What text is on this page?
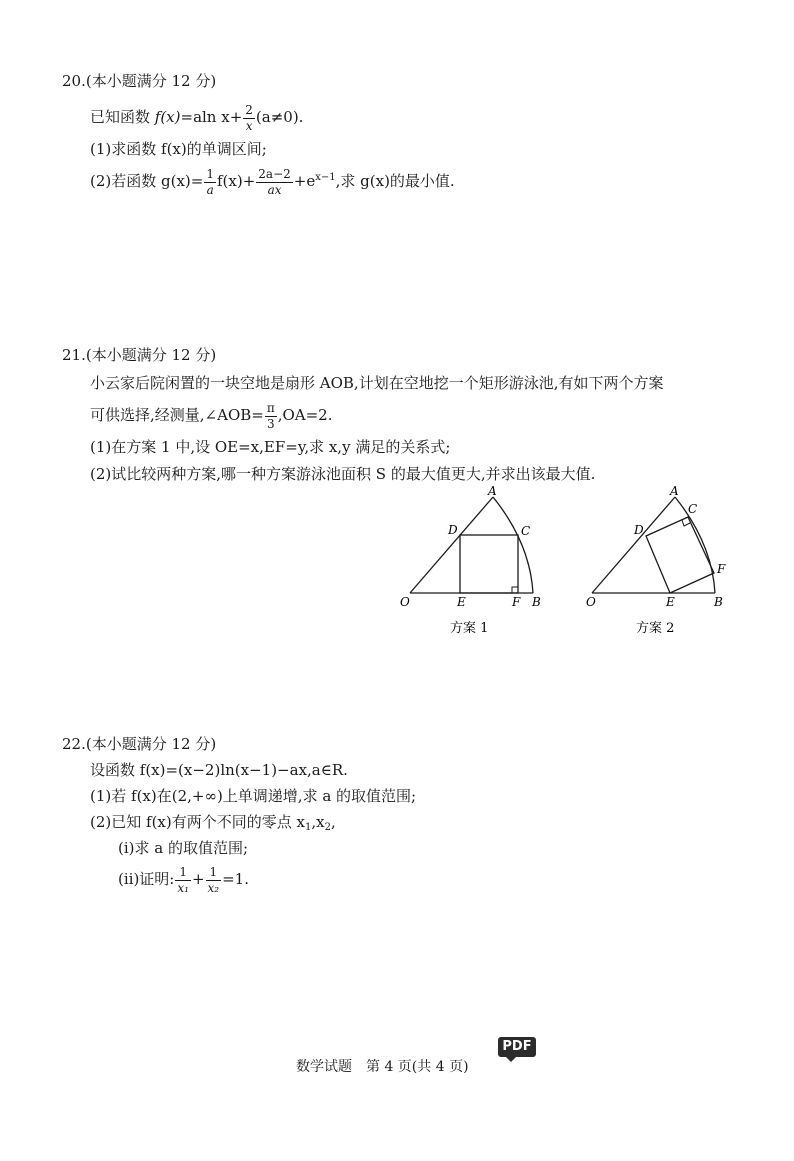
20.(本小题满分 12 分)
已知函数 f(x)=aln $x+ \frac{2}{x} (a\ne 0)$.
(1)求函数 f(x)的单调区间;
(2)若函数 $g(x)= \frac{1}{a} f(x)+ \frac{2a-2}{ax} +e^{x-1}$,求 g(x)的最小值.
21.(本小题满分 12 分)
小云家后院闲置的一块空地是扇形 AOB,计划在空地挖一个矩形游泳池,有如下两个方案
可供选择,经测量,∠AOB= $\frac{\pi}{3} ,OA=2$.
(1)在方案 1 中,设 OE=x,EF=y,求 x,y 满足的关系式;
(2)试比较两种方案,哪一种方案游泳池面积 S 的最大值更大,并求出该最大值.
A
B
C
D
E	F
O
方案 1
A
B
C
D
E
F
O
方案 2
22.(本小题满分 12 分)
设函数 f(x)=(x−2)ln(x−1)−ax,a∈R.
(1)若 f(x)在(2,+∞)上单调递增,求 a 的取值范围;
(2)已知 f(x)有两个不同的零点 $x_1,x_2$,
(ⅰ)求 a 的取值范围;
(ⅱ)证明: $\frac{1}{\text{x₁}} + \frac{1}{\text{x₂}} =1$.
PDF
数学试题　第 4 页(共 4 页)
